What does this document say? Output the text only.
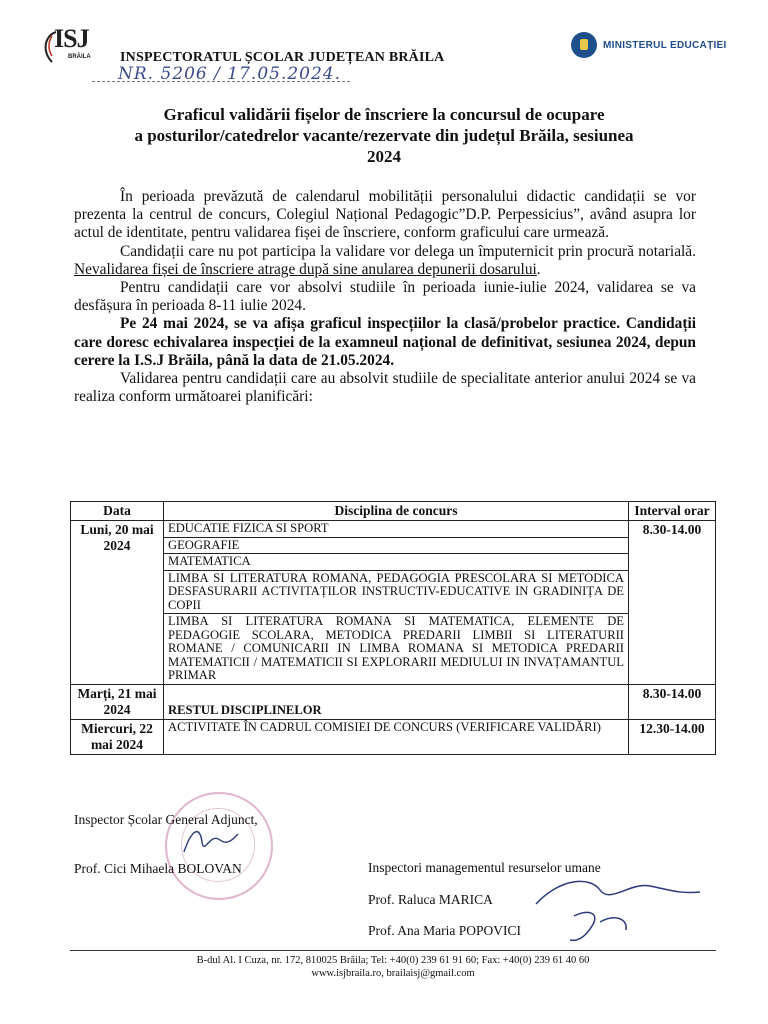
ISJ
BRĂILA INSPECTORATUL ȘCOLAR JUDEȚEAN BRĂILA
NR. 5206 / 17.05.2024.
MINISTERUL EDUCAȚIEI
Graficul validării fișelor de înscriere la concursul de ocupare
a posturilor/catedrelor vacante/rezervate din județul Brăila, sesiunea
2024

În perioada prevăzută de calendarul mobilității personalului didactic candidații se vor prezenta la centrul de concurs, Colegiul Național Pedagogic”D.P. Perpessicius”, având asupra lor actul de identitate, pentru validarea fișei de înscriere, conform graficului care urmează.

Candidații care nu pot participa la validare vor delega un împuternicit prin procură notarială. Nevalidarea fișei de înscriere atrage după sine anularea depunerii dosarului.

Pentru candidații care vor absolvi studiile în perioada iunie-iulie 2024, validarea se va desfășura în perioada 8-11 iulie 2024.

Pe 24 mai 2024, se va afișa graficul inspecțiilor la clasă/probelor practice. Candidații care doresc echivalarea inspecției de la examneul național de definitivat, sesiunea 2024, depun cerere la I.S.J Brăila, până la data de 21.05.2024.

Validarea pentru candidații care au absolvit studiile de specialitate anterior anului 2024 se va realiza conform următoarei planificări:

Data	Disciplina de concurs	Interval orar
Luni, 20 mai 2024	EDUCATIE FIZICA SI SPORT	8.30-14.00
	GEOGRAFIE	
	MATEMATICA	
	LIMBA SI LITERATURA ROMANA, PEDAGOGIA PRESCOLARA SI METODICA DESFASURARII ACTIVITAȚILOR INSTRUCTIV-EDUCATIVE IN GRADINIȚA DE COPII	
	LIMBA SI LITERATURA ROMANA SI MATEMATICA, ELEMENTE DE PEDAGOGIE SCOLARA, METODICA PREDARII LIMBII SI LITERATURII ROMANE / COMUNICARII IN LIMBA ROMANA SI METODICA PREDARII MATEMATICII / MATEMATICII SI EXPLORARII MEDIULUI IN INVAȚAMANTUL PRIMAR	
Marți, 21 mai 2024	RESTUL DISCIPLINELOR	8.30-14.00
Miercuri, 22 mai 2024	ACTIVITATE ÎN CADRUL COMISIEI DE CONCURS (VERIFICARE VALIDĂRI)	12.30-14.00
Inspector Școlar General Adjunct,
Prof. Cici Mihaela BOLOVAN	Inspectori managementul resurselor umane
Prof. Raluca MARICA
Prof. Ana Maria POPOVICI
B-dul Al. I Cuza, nr. 172, 810025 Brăila; Tel: +40(0) 239 61 91 60; Fax: +40(0) 239 61 40 60
www.isjbraila.ro, brailaisj@gmail.com
